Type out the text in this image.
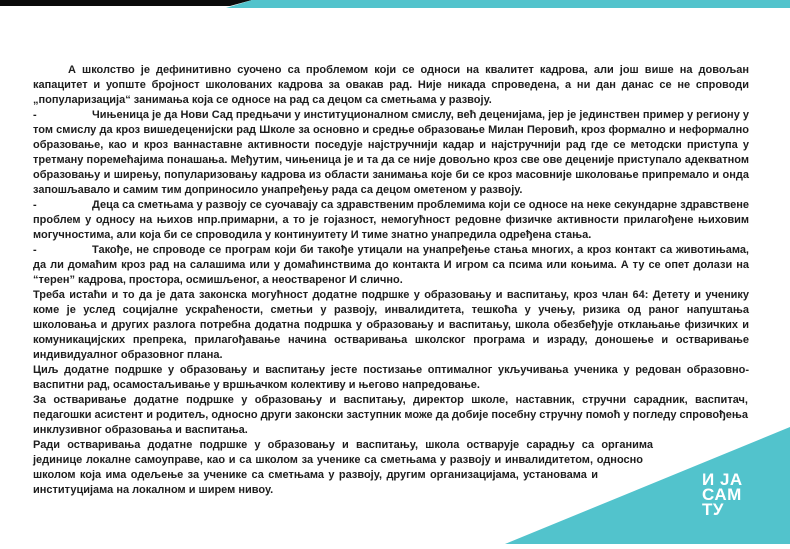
И ЈА
САМ
ТУ

А школство је дефинитивно суочено са проблемом који се односи на квалитет кадрова, али још више на довољан капацитет и уопште бројност школованих кадрова за овакав рад. Није никада спроведена, а ни дан данас се не спроводи „популаризација“ занимања која се односе на рад са децом са сметњама у развоју.

-	Чињеница је да Нови Сад предњачи у институционалном смислу, већ деценијама, јер је јединствен пример у региону у том смислу да кроз вишедеценијски рад Школе за основно и средње образовање Милан Перовић, кроз формално и неформално образовање, као и кроз ваннаставне активности поседује најстручнији кадар и најстручнији рад где се методски приступа у третману поремећајима понашања. Међутим, чињеница је и та да се није довољно кроз све ове деценије приступало адекватном образовању и ширењу, популаризовању кадрова из области занимања које би се кроз масовније школовање припремало и онда запошљавало и самим тим доприносило унапређењу рада са децом ометеном у развоју.

-	Деца са сметњама у развоју се суочавају са здравственим проблемима који се односе на неке секундарне здравствене проблем у односу на њихов нпр.примарни, а то је гојазност, немогућност редовне физичке активности прилагођене њиховим могучностима, али која би се спроводила у континуитету И тиме знатно унапредила одређена стања.

-	Такође, не спроводе се програм који би такође утицали на унапређење стања многих, а кроз контакт са животињама, да ли домаћим кроз рад на салашима или у домаћинствима до контакта И игром са псима или коњима. А ту се опет долази на “терен” кадрова, простора, осмишљеног, а неоствареног И слично.

Треба истаћи и то да је дата законска могућност додатне подршке у образовању и васпитању, кроз члан 64: Детету и ученику коме је услед социјалне ускраћености, сметњи у развоју, инвалидитета, тешкоћа у учењу, ризика од раног напуштања школовања и других разлога потребна додатна подршка у образовању и васпитању, школа обезбеђује отклањање физичких и комуникацијских препрека, прилагођавање начина остваривања школског програма и израду, доношење и остваривање индивидуалног образовног плана.

Циљ додатне подршке у образовању и васпитању јесте постизање оптималног укључивања ученика у редован образовно-васпитни рад, осамостаљивање у вршњачком колективу и његово напредовање.

За остваривање додатне подршке у образовању и васпитању, директор школе, наставник, стручни сарадник, васпитач, педагошки асистент и родитељ, односно други законски заступник може да добије посебну стручну помоћ у погледу спровођења инклузивног образовања и васпитања.

Ради остваривања додатне подршке у образовању и васпитању, школа остварује сарадњу са органима јединице локалне самоуправе, као и са школом за ученике са сметњама у развоју и инвалидитетом, односно школом која има одељење за ученике са сметњама у развоју, другим организацијама, установама и институцијама на локалном и ширем нивоу.
